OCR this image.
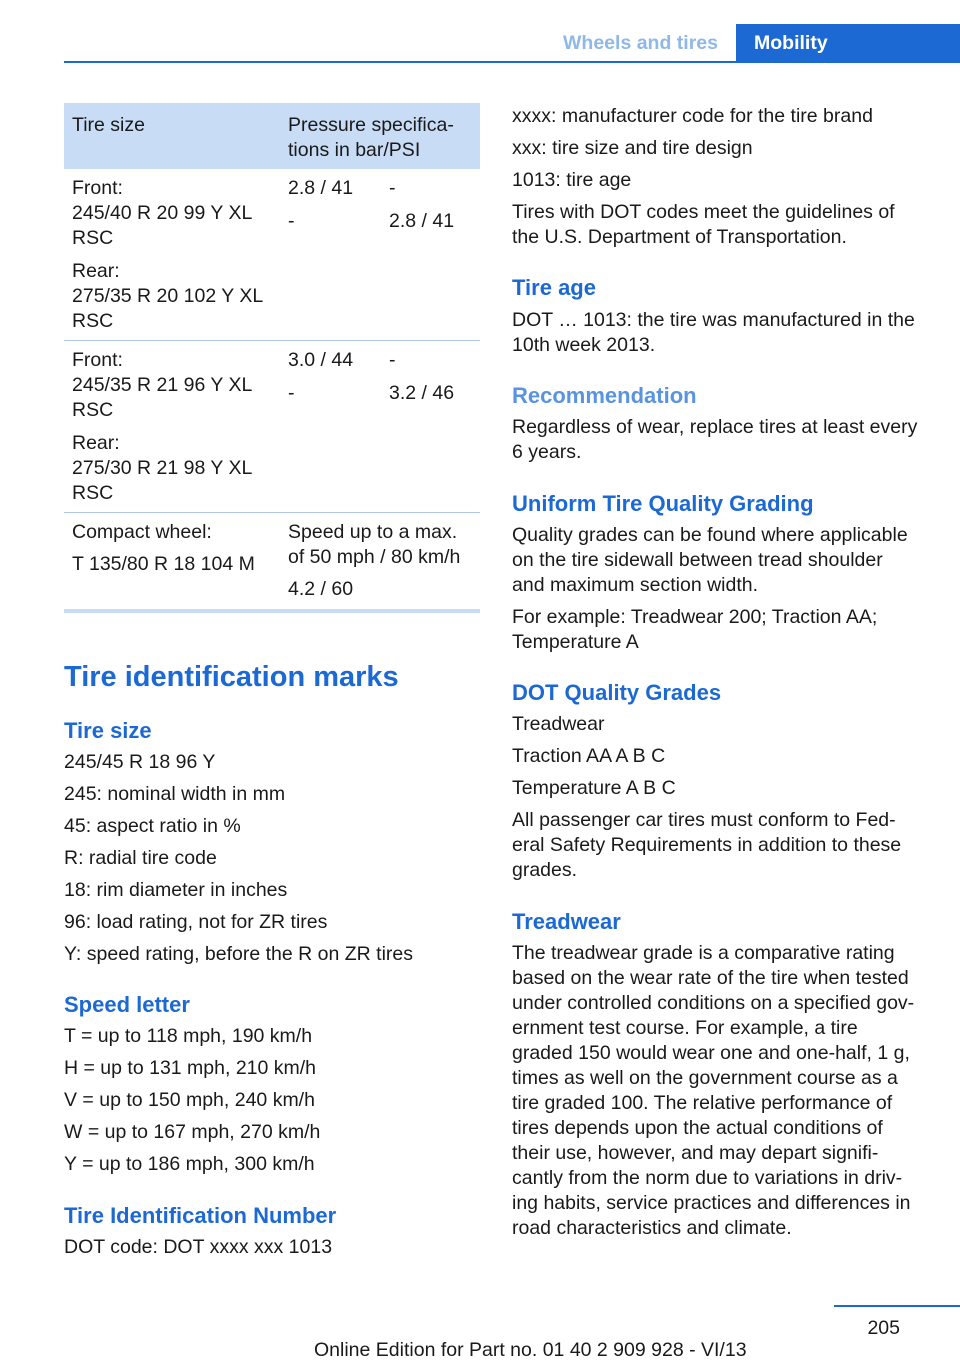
Wheels and tires	Mobility
Tire size	Pressure specifica-
tions in bar/PSI
Front:
245/40 R 20 99 Y XL
RSC
Rear:
275/35 R 20 102 Y XL
RSC
2.8 / 41
-
-
2.8 / 41
Front:
245/35 R 21 96 Y XL
RSC
Rear:
275/30 R 21 98 Y XL
RSC
3.0 / 44
-
-
3.2 / 46
Compact wheel:
T 135/80 R 18 104 M
Speed up to a max.
of 50 mph / 80 km/h
4.2 / 60
Tire identification marks
Tire size
245/45 R 18 96 Y
245: nominal width in mm
45: aspect ratio in %
R: radial tire code
18: rim diameter in inches
96: load rating, not for ZR tires
Y: speed rating, before the R on ZR tires
Speed letter
T = up to 118 mph, 190 km/h
H = up to 131 mph, 210 km/h
V = up to 150 mph, 240 km/h
W = up to 167 mph, 270 km/h
Y = up to 186 mph, 300 km/h
Tire Identification Number
DOT code: DOT xxxx xxx 1013
xxxx: manufacturer code for the tire brand
xxx: tire size and tire design
1013: tire age
Tires with DOT codes meet the guidelines of
the U.S. Department of Transportation.
Tire age
DOT … 1013: the tire was manufactured in the
10th week 2013.
Recommendation
Regardless of wear, replace tires at least every
6 years.
Uniform Tire Quality Grading
Quality grades can be found where applicable
on the tire sidewall between tread shoulder
and maximum section width.
For example: Treadwear 200; Traction AA;
Temperature A
DOT Quality Grades
Treadwear
Traction AA A B C
Temperature A B C
All passenger car tires must conform to Fed-
eral Safety Requirements in addition to these
grades.
Treadwear
The treadwear grade is a comparative rating
based on the wear rate of the tire when tested
under controlled conditions on a specified gov-
ernment test course. For example, a tire
graded 150 would wear one and one-half, 1 g,
times as well on the government course as a
tire graded 100. The relative performance of
tires depends upon the actual conditions of
their use, however, and may depart signifi-
cantly from the norm due to variations in driv-
ing habits, service practices and differences in
road characteristics and climate.
205
Online Edition for Part no. 01 40 2 909 928 - VI/13
